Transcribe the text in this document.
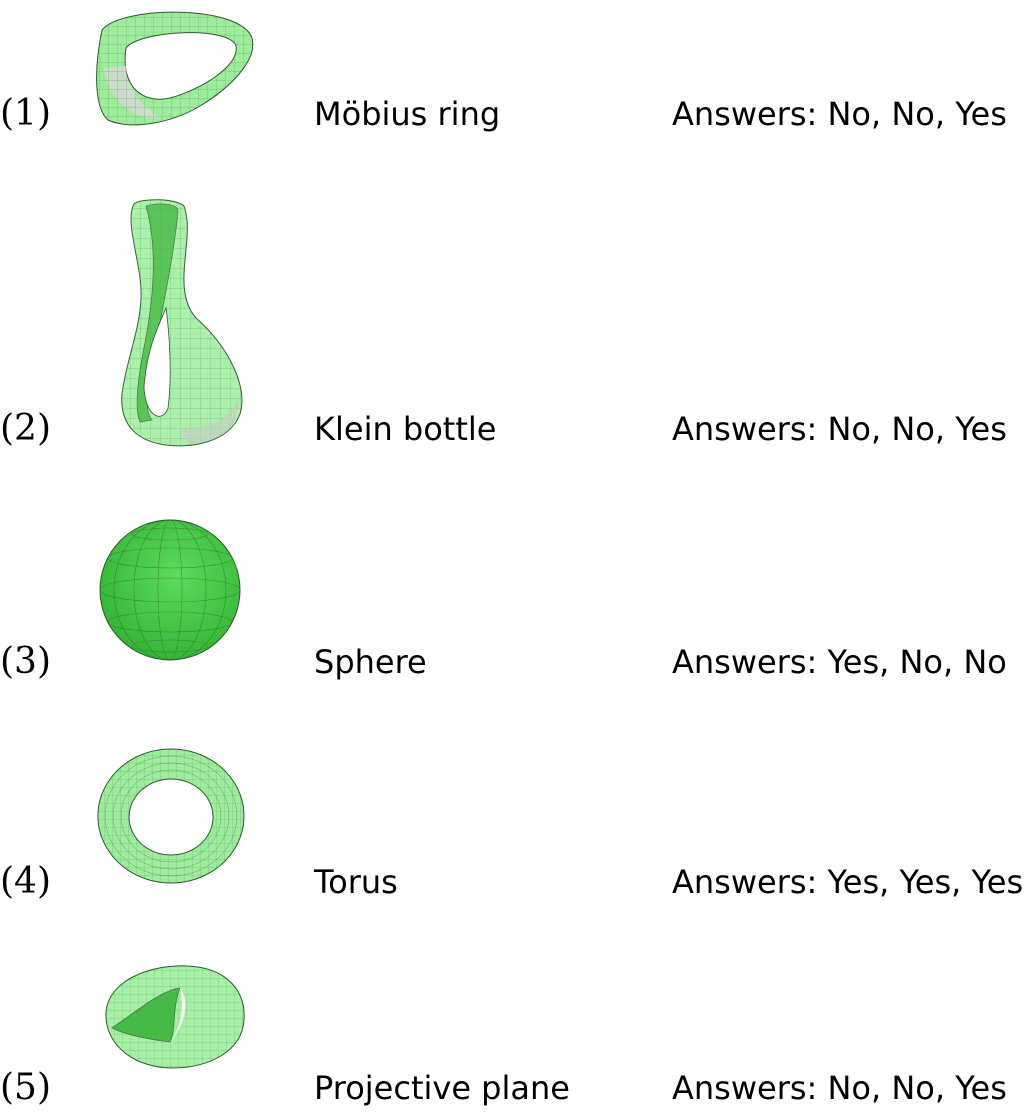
(1)	Möbius ring	Answers: No, No, Yes
(2)	Klein bottle	Answers: No, No, Yes
(3)	Sphere	Answers: Yes, No, No
(4)	Torus	Answers: Yes, Yes, Yes
(5)	Projective plane	Answers: No, No, Yes
